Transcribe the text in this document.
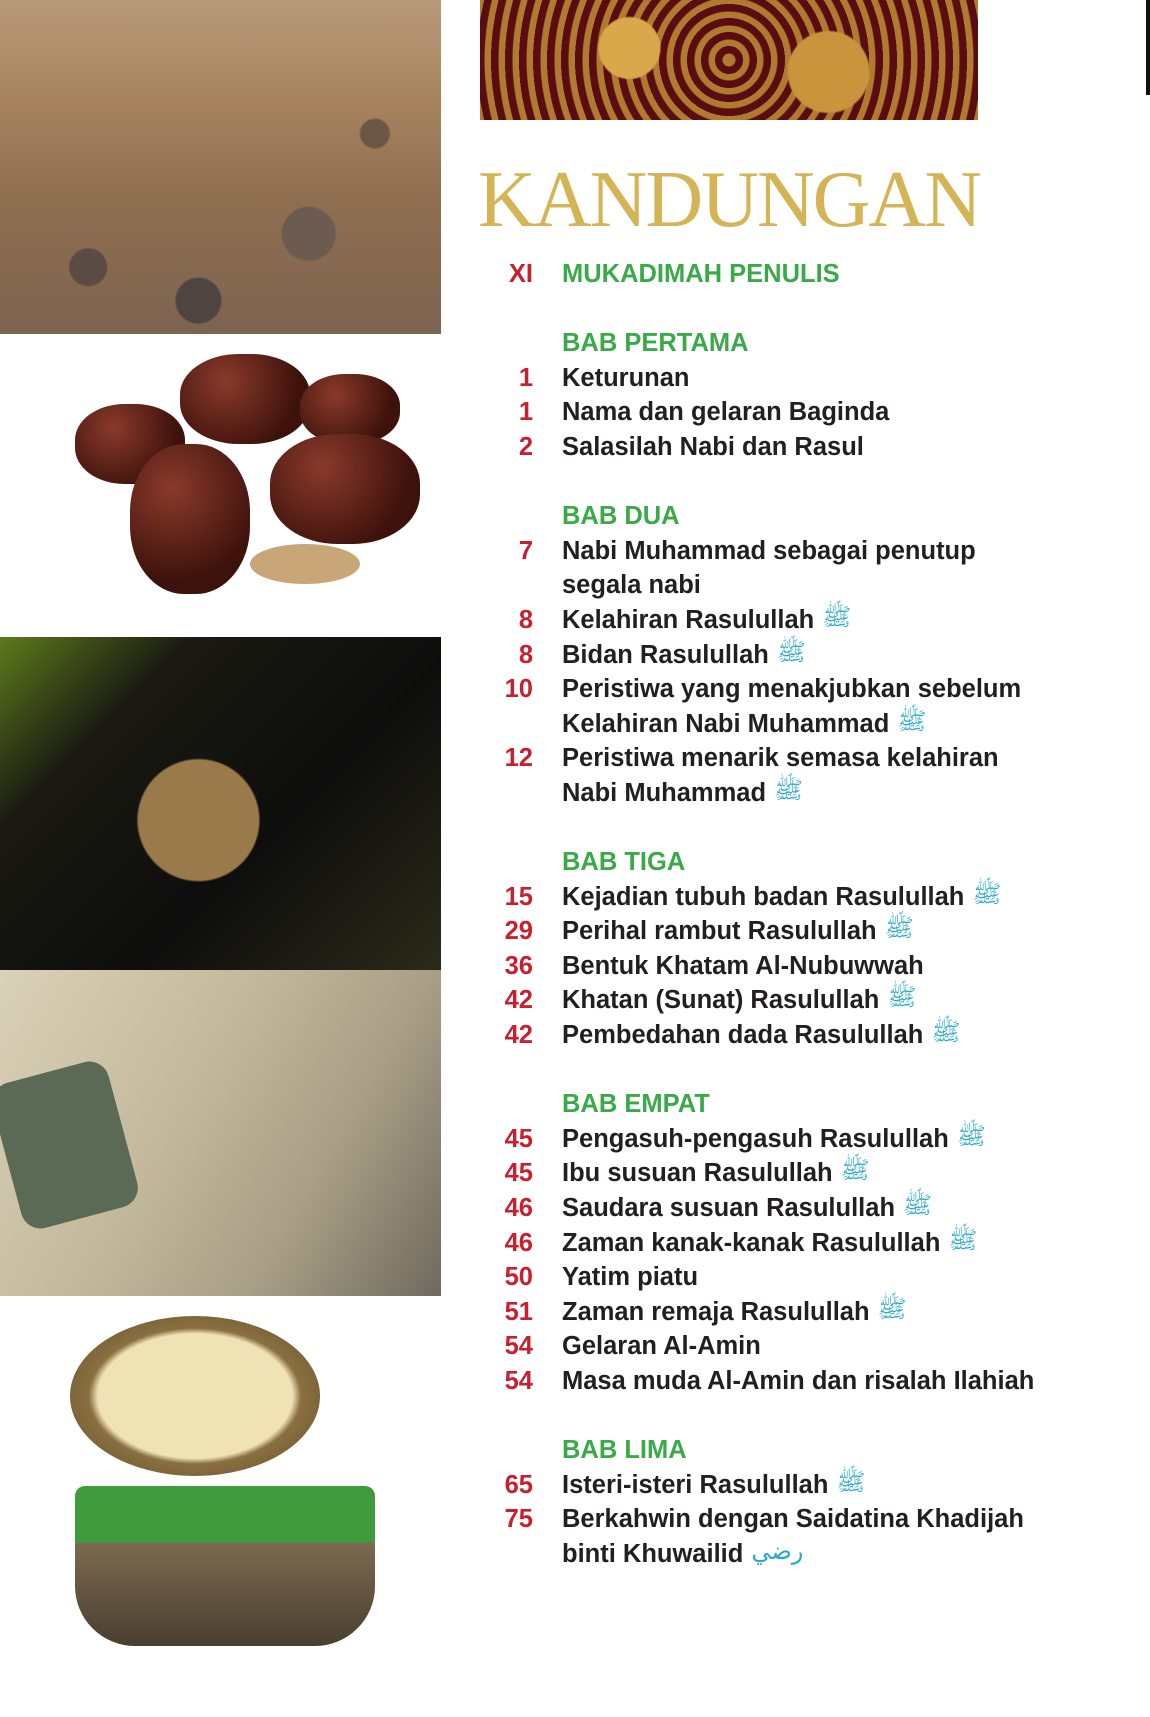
KANDUNGAN
XI	MUKADIMAH PENULIS
BAB PERTAMA
1	Keturunan
1	Nama dan gelaran Baginda
2	Salasilah Nabi dan Rasul
BAB DUA
7	Nabi Muhammad sebagai penutup
segala nabi
8	Kelahiran Rasulullah ﷺ
8	Bidan Rasulullah ﷺ
10	Peristiwa yang menakjubkan sebelum
Kelahiran Nabi Muhammad ﷺ
12	Peristiwa menarik semasa kelahiran
Nabi Muhammad ﷺ
BAB TIGA
15	Kejadian tubuh badan Rasulullah ﷺ
29	Perihal rambut Rasulullah ﷺ
36	Bentuk Khatam Al-Nubuwwah
42	Khatan (Sunat) Rasulullah ﷺ
42	Pembedahan dada Rasulullah ﷺ
BAB EMPAT
45	Pengasuh-pengasuh Rasulullah ﷺ
45	Ibu susuan Rasulullah ﷺ
46	Saudara susuan Rasulullah ﷺ
46	Zaman kanak-kanak Rasulullah ﷺ
50	Yatim piatu
51	Zaman remaja Rasulullah ﷺ
54	Gelaran Al-Amin
54	Masa muda Al-Amin dan risalah Ilahiah
BAB LIMA
65	Isteri-isteri Rasulullah ﷺ
75	Berkahwin dengan Saidatina Khadijah
binti Khuwailid رضي
